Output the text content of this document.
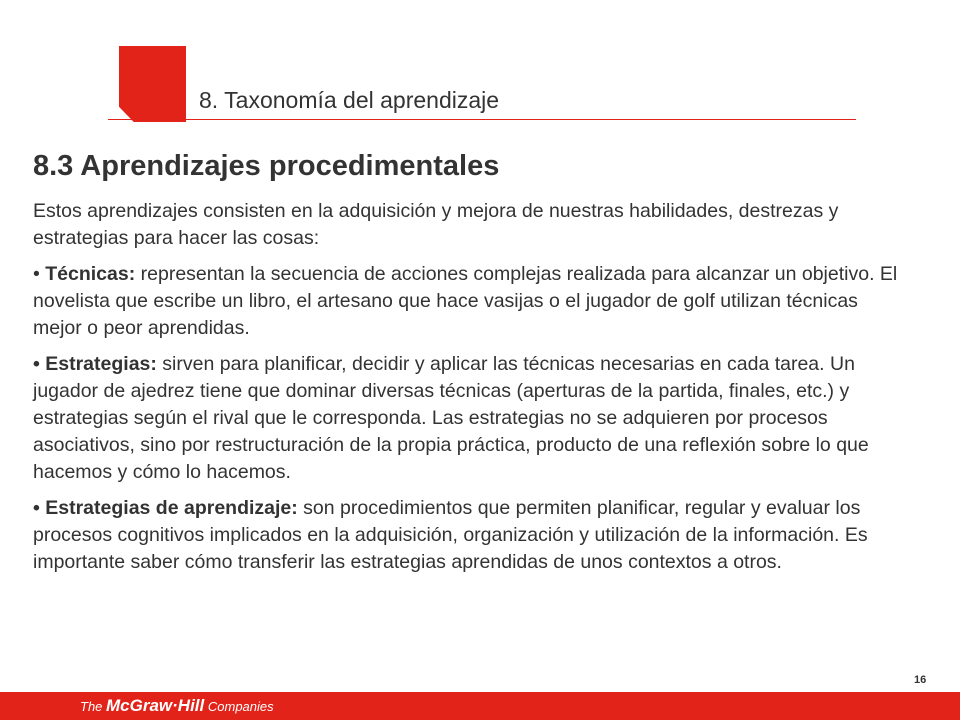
8. Taxonomía del aprendizaje
8.3 Aprendizajes procedimentales

Estos aprendizajes consisten en la adquisición y mejora de nuestras habilidades, destrezas y estrategias para hacer las cosas:

• Técnicas: representan la secuencia de acciones complejas realizada para alcanzar un objetivo. El novelista que escribe un libro, el artesano que hace vasijas o el jugador de golf utilizan técnicas mejor o peor aprendidas.

• Estrategias: sirven para planificar, decidir y aplicar las técnicas necesarias en cada tarea. Un jugador de ajedrez tiene que dominar diversas técnicas (aperturas de la partida, finales, etc.) y estrategias según el rival que le corresponda. Las estrategias no se adquieren por procesos asociativos, sino por restructuración de la propia práctica, producto de una reflexión sobre lo que hacemos y cómo lo hacemos.

• Estrategias de aprendizaje: son procedimientos que permiten planificar, regular y evaluar los procesos cognitivos implicados en la adquisición, organización y utilización de la información. Es importante saber cómo transferir las estrategias aprendidas de unos contextos a otros.

16
The McGraw·Hill Companies
